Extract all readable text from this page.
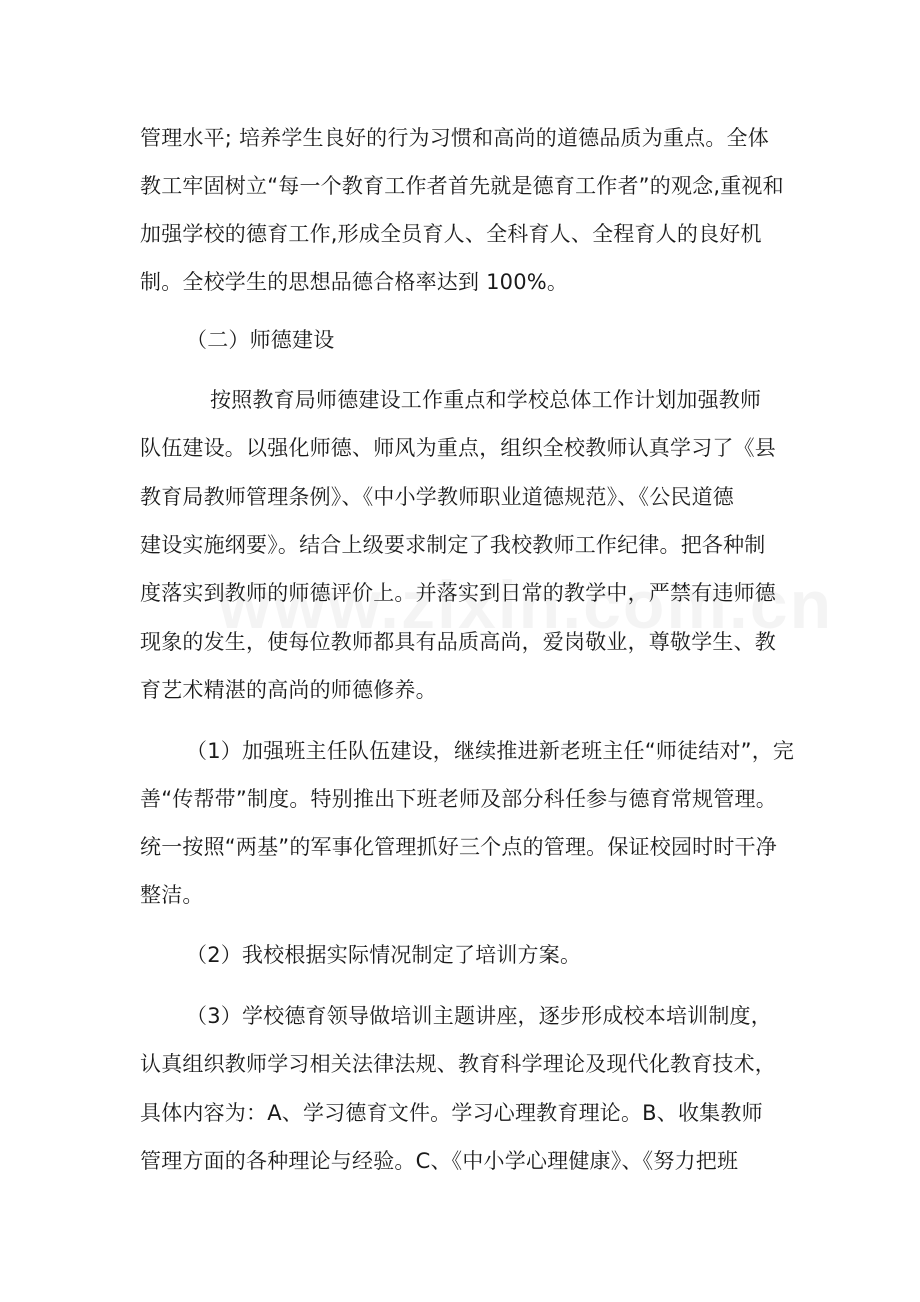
管理水平; 培养学生良好的行为习惯和高尚的道德品质为重点。全体
教工牢固树立“每一个教育工作者首先就是德育工作者”的观念,重视和
加强学校的德育工作,形成全员育人、全科育人、全程育人的良好机
制。全校学生的思想品德合格率达到 100%。
（二）师德建设
按照教育局师德建设工作重点和学校总体工作计划加强教师
队伍建设。以强化师德、师风为重点，组织全校教师认真学习了《县
教育局教师管理条例》、《中小学教师职业道德规范》、《公民道德
建设实施纲要》。结合上级要求制定了我校教师工作纪律。把各种制
度落实到教师的师德评价上。并落实到日常的教学中，严禁有违师德
现象的发生，使每位教师都具有品质高尚，爱岗敬业，尊敬学生、教
育艺术精湛的高尚的师德修养。
（1）加强班主任队伍建设，继续推进新老班主任“师徒结对”，完
善“传帮带”制度。特别推出下班老师及部分科任参与德育常规管理。
统一按照“两基”的军事化管理抓好三个点的管理。保证校园时时干净
整洁。
（2）我校根据实际情况制定了培训方案。
（3）学校德育领导做培训主题讲座，逐步形成校本培训制度，
认真组织教师学习相关法律法规、教育科学理论及现代化教育技术，
具体内容为：A、学习德育文件。学习心理教育理论。B、收集教师
管理方面的各种理论与经验。C、《中小学心理健康》、《努力把班
